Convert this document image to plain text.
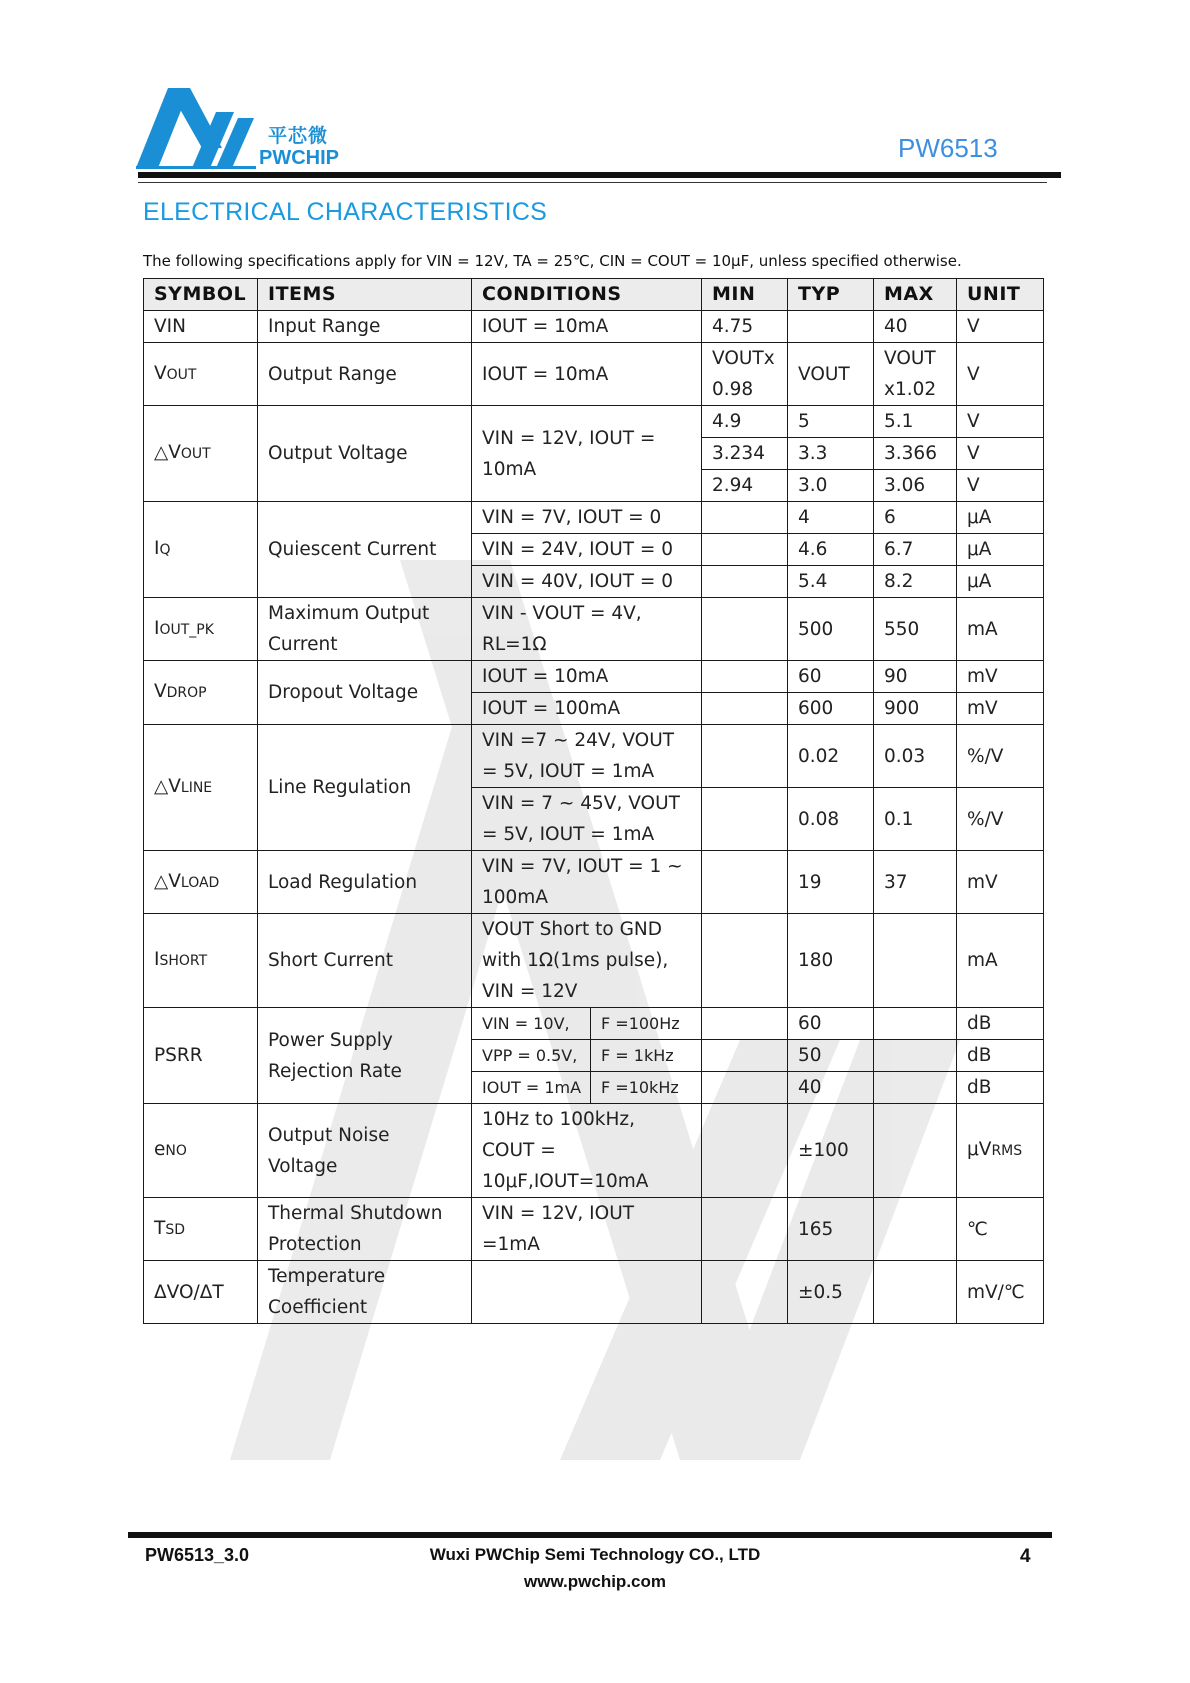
平芯微
PWCHIP	PW6513
ELECTRICAL CHARACTERISTICS
The following specifications apply for VIN = 12V, TA = 25℃, CIN = COUT = 10μF, unless specified otherwise.
SYMBOL	ITEMS	CONDITIONS	MIN	TYP	MAX	UNIT
VIN	Input Range	IOUT = 10mA	4.75		40	V
VOUT	Output Range	IOUT = 10mA	VOUTx 0.98	VOUT	VOUT x1.02	V
△VOUT	Output Voltage	VIN = 12V, IOUT = 10mA	4.9	5	5.1	V
			3.234	3.3	3.366	V
			2.94	3.0	3.06	V
IQ	Quiescent Current	VIN = 7V, IOUT = 0		4	6	μA
		VIN = 24V, IOUT = 0		4.6	6.7	μA
		VIN = 40V, IOUT = 0		5.4	8.2	μA
IOUT_PK	Maximum Output Current	VIN - VOUT = 4V, RL=1Ω		500	550	mA
VDROP	Dropout Voltage	IOUT = 10mA		60	90	mV
		IOUT = 100mA		600	900	mV
△VLINE	Line Regulation	VIN =7 ~ 24V, VOUT = 5V, IOUT = 1mA		0.02	0.03	%/V
		VIN = 7 ~ 45V, VOUT = 5V, IOUT = 1mA		0.08	0.1	%/V
△VLOAD	Load Regulation	VIN = 7V, IOUT = 1 ~ 100mA		19	37	mV
ISHORT	Short Current	VOUT Short to GND with 1Ω(1ms pulse), VIN = 12V		180		mA
PSRR	Power Supply Rejection Rate	VIN = 10V, F =100Hz		60		dB

		VPP = 0.5V, F = 1kHz		50		dB

		IOUT = 1mA F =10kHz		40		dB
eNO	Output Noise Voltage	10Hz to 100kHz, COUT = 10μF,IOUT=10mA		±100		μVRMS
TSD	Thermal Shutdown Protection	VIN = 12V, IOUT =1mA		165		℃
ΔVO/ΔT	Temperature Coefficient			±0.5		mV/℃
PW6513_3.0	Wuxi PWChip Semi Technology CO., LTD
www.pwchip.com
4
